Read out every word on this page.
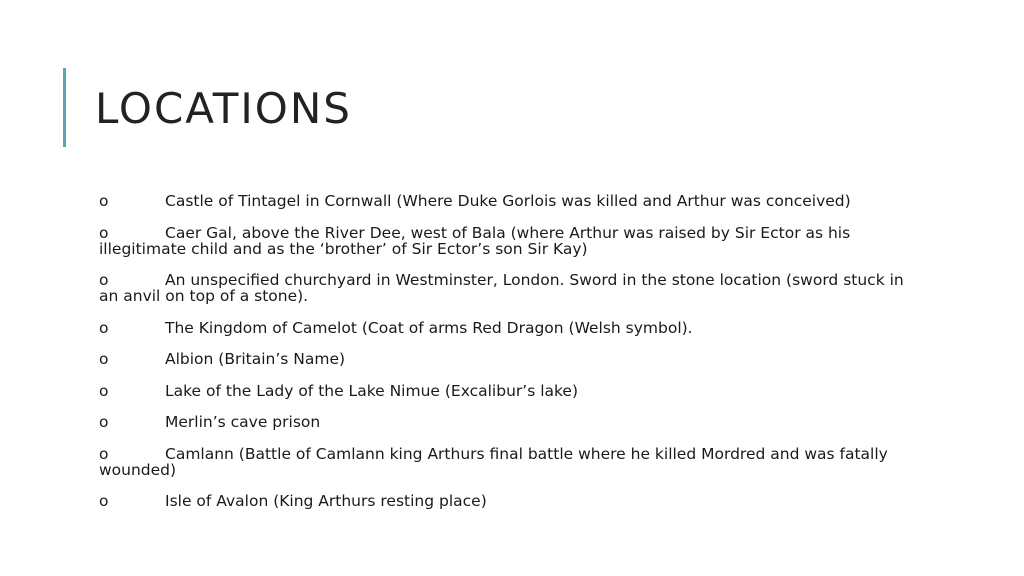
LOCATIONS
o	Castle of Tintagel in Cornwall (Where Duke Gorlois was killed and Arthur was conceived)
o	Caer Gal, above the River Dee, west of Bala (where Arthur was raised by Sir Ector as his illegitimate child and as the ‘brother’ of Sir Ector’s son Sir Kay)
o	An unspecified churchyard in Westminster, London. Sword in the stone location (sword stuck in an anvil on top of a stone).
o	The Kingdom of Camelot (Coat of arms Red Dragon (Welsh symbol).
o	Albion (Britain’s Name)
o	Lake of the Lady of the Lake Nimue (Excalibur’s lake)
o	Merlin’s cave prison
o	Camlann (Battle of Camlann king Arthurs final battle where he killed Mordred and was fatally wounded)
o	Isle of Avalon (King Arthurs resting place)
